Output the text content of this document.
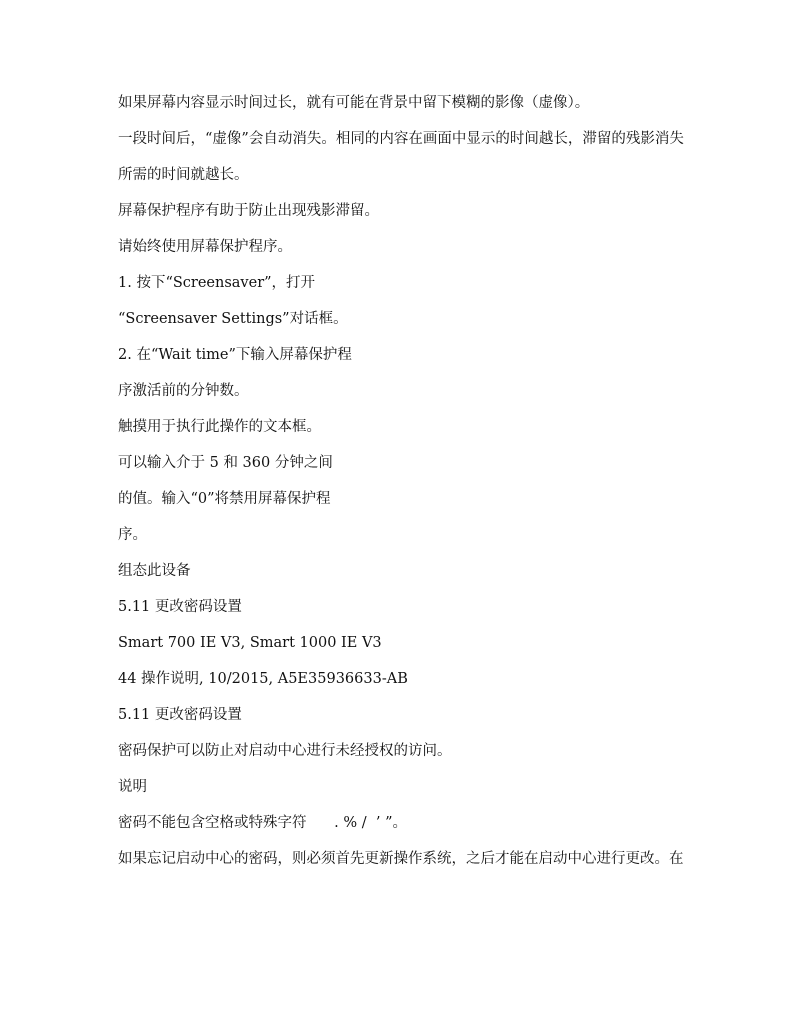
如果屏幕内容显示时间过长，就有可能在背景中留下模糊的影像（虚像）。

一段时间后，“虚像”会自动消失。相同的内容在画面中显示的时间越长，滞留的残影消失

所需的时间就越长。

屏幕保护程序有助于防止出现残影滞留。

请始终使用屏幕保护程序。

1. 按下“Screensaver”，打开

“Screensaver Settings”对话框。

2. 在“Wait time”下输入屏幕保护程

序激活前的分钟数。

触摸用于执行此操作的文本框。

可以输入介于 5 和 360 分钟之间

的值。输入“0”将禁用屏幕保护程

序。

组态此设备

5.11 更改密码设置

Smart 700 IE V3, Smart 1000 IE V3

44 操作说明, 10/2015, A5E35936633-AB

5.11 更改密码设置

密码保护可以防止对启动中心进行未经授权的访问。

说明

密码不能包含空格或特殊字符      . % /  ’ ”。

如果忘记启动中心的密码，则必须首先更新操作系统，之后才能在启动中心进行更改。在
